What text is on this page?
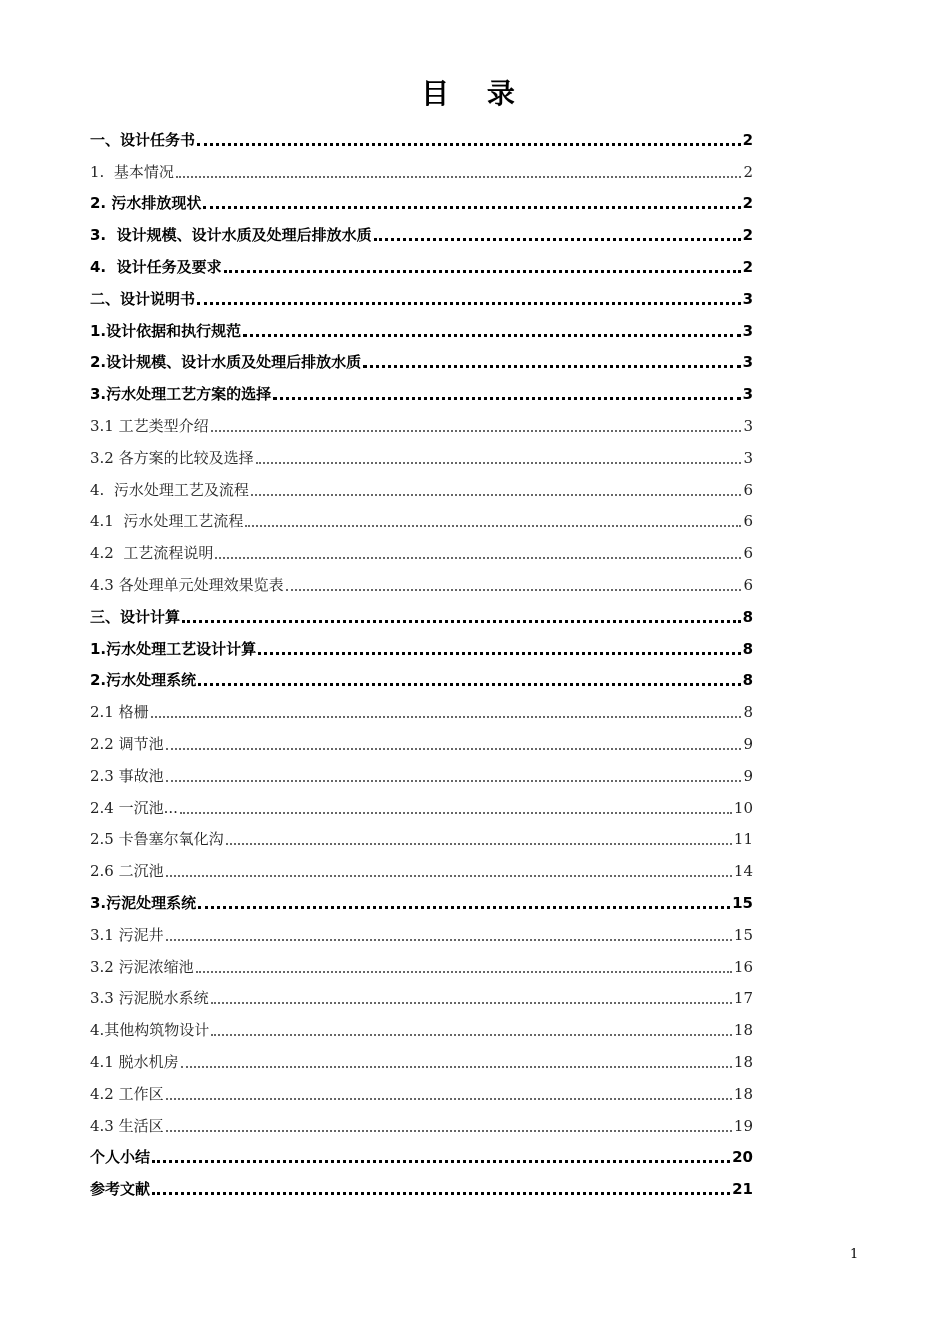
目 录
一、设计任务书	2
1.  基本情况	2
2. 污水排放现状	2
3.  设计规模、设计水质及处理后排放水质	2
4.  设计任务及要求	2
二、设计说明书	3
1.设计依据和执行规范	3
2.设计规模、设计水质及处理后排放水质	3
3.污水处理工艺方案的选择	3
3.1 工艺类型介绍	3
3.2 各方案的比较及选择	3
4.  污水处理工艺及流程	6
4.1  污水处理工艺流程	6
4.2  工艺流程说明	6
4.3 各处理单元处理效果览表	6
三、设计计算	8
1.污水处理工艺设计计算	8
2.污水处理系统	8
2.1 格栅	8
2.2 调节池	9
2.3 事故池	9
2.4 一沉池...	10
2.5 卡鲁塞尔氧化沟	11
2.6 二沉池	14
3.污泥处理系统	15
3.1 污泥井	15
3.2 污泥浓缩池	16
3.3 污泥脱水系统	17
4.其他构筑物设计	18
4.1 脱水机房	18
4.2 工作区	18
4.3 生活区	19
个人小结	20
参考文献	21
1
